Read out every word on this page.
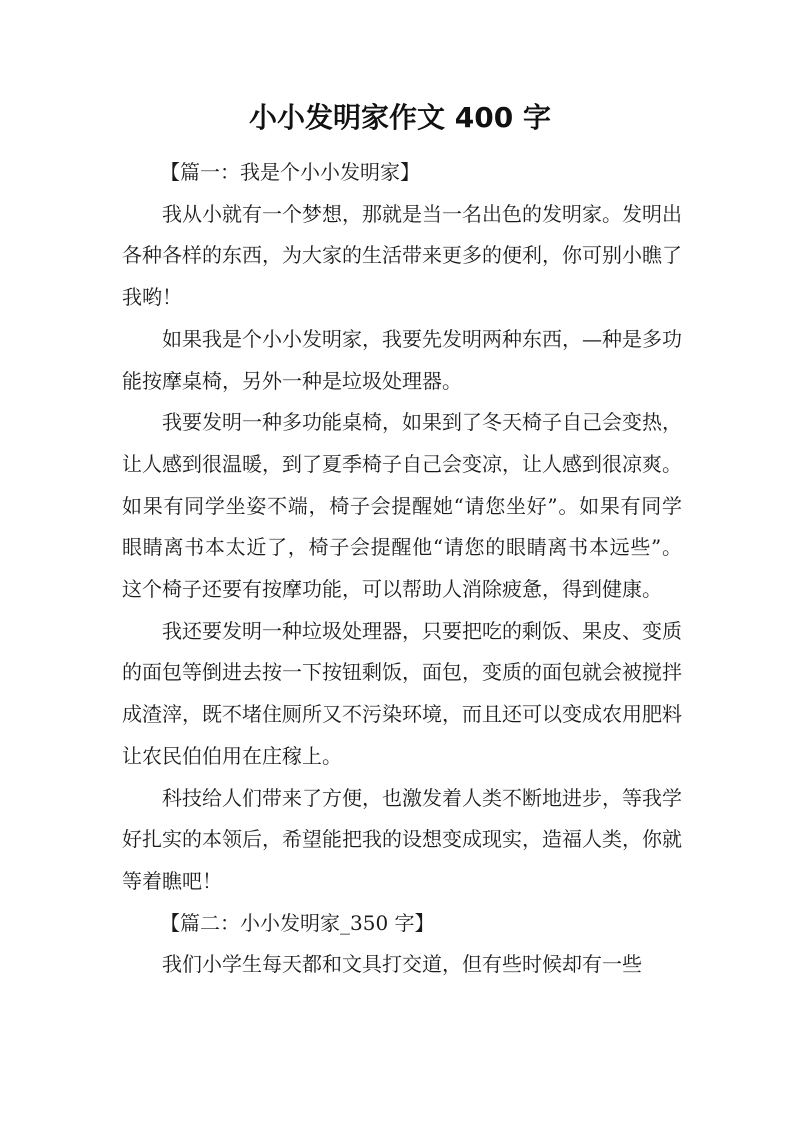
小小发明家作文 400 字

【篇一：我是个小小发明家】

我从小就有一个梦想，那就是当一名出色的发明家。发明出各种各样的东西，为大家的生活带来更多的便利，你可别小瞧了我哟！

如果我是个小小发明家，我要先发明两种东西，—种是多功能按摩桌椅，另外一种是垃圾处理器。

我要发明一种多功能桌椅，如果到了冬天椅子自己会变热，让人感到很温暖，到了夏季椅子自己会变凉，让人感到很凉爽。如果有同学坐姿不端，椅子会提醒她“请您坐好”。如果有同学眼睛离书本太近了，椅子会提醒他“请您的眼睛离书本远些”。这个椅子还要有按摩功能，可以帮助人消除疲惫，得到健康。

我还要发明一种垃圾处理器，只要把吃的剩饭、果皮、变质的面包等倒进去按一下按钮剩饭，面包，变质的面包就会被搅拌成渣滓，既不堵住厕所又不污染环境，而且还可以变成农用肥料让农民伯伯用在庄稼上。

科技给人们带来了方便，也激发着人类不断地进步，等我学好扎实的本领后，希望能把我的设想变成现实，造福人类，你就等着瞧吧！

【篇二：小小发明家_350 字】

我们小学生每天都和文具打交道，但有些时候却有一些
